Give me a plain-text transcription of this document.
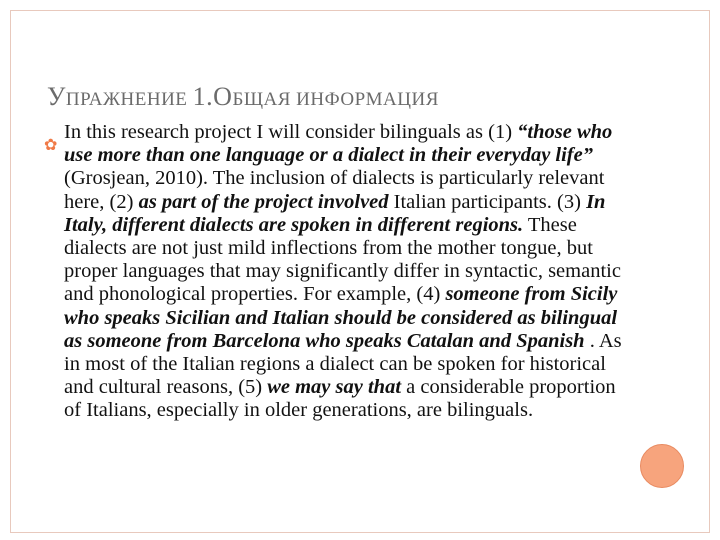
УПРАЖНЕНИЕ 1.ОБЩАЯ ИНФОРМАЦИЯ
✿

In this research project I will consider bilinguals as (1) “those who use more than one language or a dialect in their everyday life” (Grosjean, 2010). The inclusion of dialects is particularly relevant here, (2) as part of the project involved Italian participants. (3) In Italy, different dialects are spoken in different regions. These dialects are not just mild inflections from the mother tongue, but proper languages that may significantly differ in syntactic, semantic and phonological properties. For example, (4) someone from Sicily who speaks Sicilian and Italian should be considered as bilingual as someone from Barcelona who speaks Catalan and Spanish . As in most of the Italian regions a dialect can be spoken for historical and cultural reasons, (5) we may say that a considerable proportion of Italians, especially in older generations, are bilinguals.
